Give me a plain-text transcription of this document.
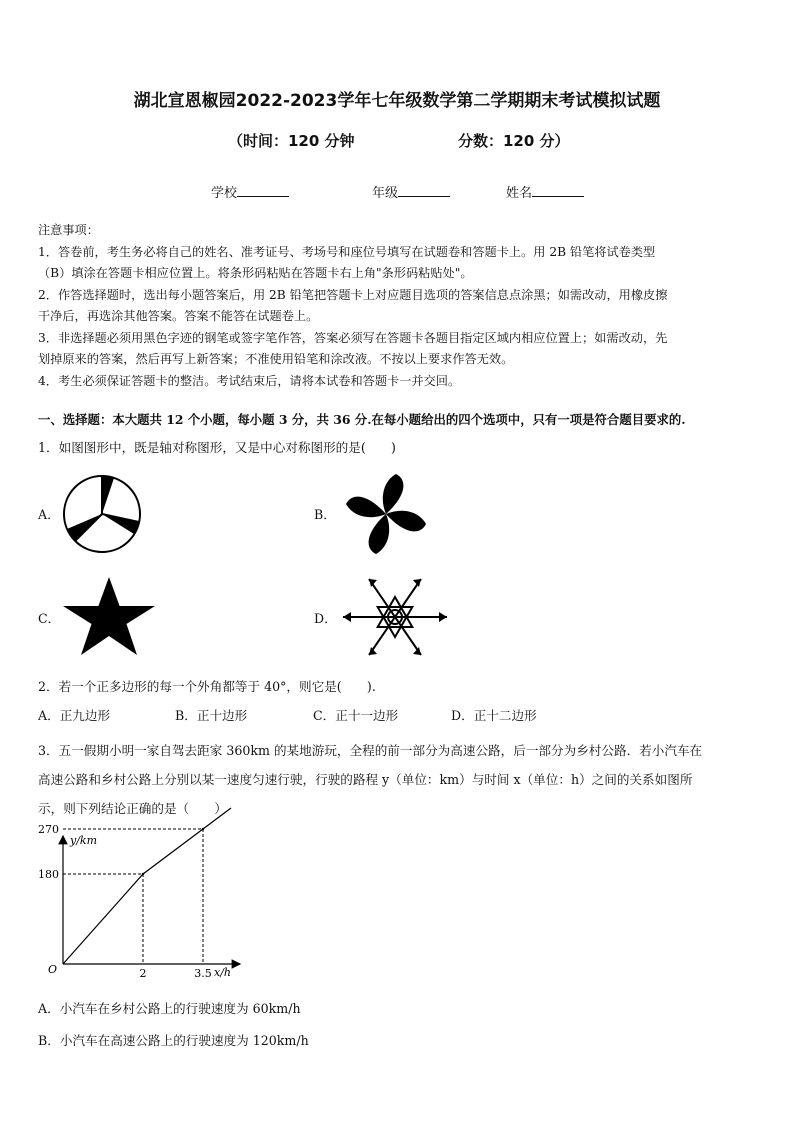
湖北宣恩椒园2022-2023学年七年级数学第二学期期末考试模拟试题
（时间：120 分钟	分数：120 分）
学校	年级	姓名
注意事项：
1．答卷前，考生务必将自己的姓名、准考证号、考场号和座位号填写在试题卷和答题卡上。用 2B 铅笔将试卷类型
（B）填涂在答题卡相应位置上。将条形码粘贴在答题卡右上角"条形码粘贴处"。
2．作答选择题时，选出每小题答案后，用 2B 铅笔把答题卡上对应题目选项的答案信息点涂黑；如需改动，用橡皮擦
干净后，再选涂其他答案。答案不能答在试题卷上。
3．非选择题必须用黑色字迹的钢笔或签字笔作答，答案必须写在答题卡各题目指定区域内相应位置上；如需改动，先
划掉原来的答案，然后再写上新答案；不准使用铅笔和涂改液。不按以上要求作答无效。
4．考生必须保证答题卡的整洁。考试结束后，请将本试卷和答题卡一并交回。
一、选择题：本大题共 12 个小题，每小题 3 分，共 36 分.在每小题给出的四个选项中，只有一项是符合题目要求的.
1．如图图形中，既是轴对称图形，又是中心对称图形的是(　　)
A．	B．
C．	D．
2．若一个正多边形的每一个外角都等于 40°，则它是(　　).
A．正九边形	B．正十边形	C．正十一边形	D．正十二边形
3．五一假期小明一家自驾去距家 360km 的某地游玩，全程的前一部分为高速公路，后一部分为乡村公路．若小汽车在
高速公路和乡村公路上分别以某一速度匀速行驶，行驶的路程 y（单位：km）与时间 x（单位：h）之间的关系如图所
示，则下列结论正确的是（　　）
y/km
x/h
O	2
180
3.5
270
A．小汽车在乡村公路上的行驶速度为 60km/h
B．小汽车在高速公路上的行驶速度为 120km/h
